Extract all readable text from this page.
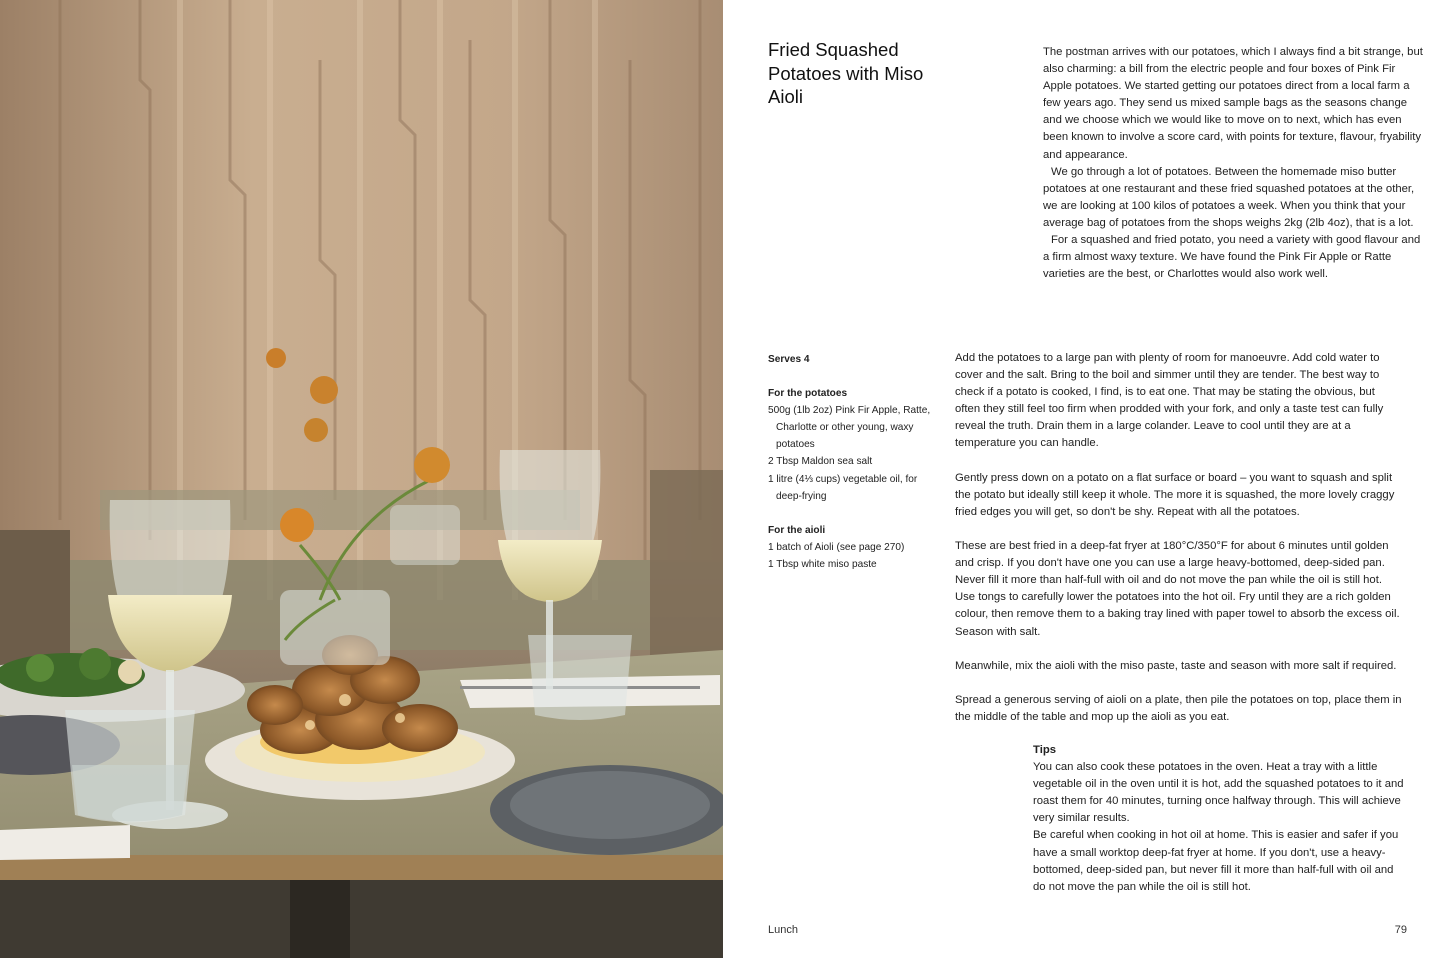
Fried Squashed Potatoes with Miso Aioli

The postman arrives with our potatoes, which I always find a bit strange, but also charming: a bill from the electric people and four boxes of Pink Fir Apple potatoes. We started getting our potatoes direct from a local farm a few years ago. They send us mixed sample bags as the seasons change and we choose which we would like to move on to next, which has even been known to involve a score card, with points for texture, flavour, fryability and appearance.

We go through a lot of potatoes. Between the homemade miso butter potatoes at one restaurant and these fried squashed potatoes at the other, we are looking at 100 kilos of potatoes a week. When you think that your average bag of potatoes from the shops weighs 2kg (2lb 4oz), that is a lot.

For a squashed and fried potato, you need a variety with good flavour and a firm almost waxy texture. We have found the Pink Fir Apple or Ratte varieties are the best, or Charlottes would also work well.

Serves 4
For the potatoes
500g (1lb 2oz) Pink Fir Apple, Ratte, Charlotte or other young, waxy potatoes
2 Tbsp Maldon sea salt
1 litre (4⅓ cups) vegetable oil, for deep-frying
For the aioli
1 batch of Aioli (see page 270)
1 Tbsp white miso paste

Add the potatoes to a large pan with plenty of room for manoeuvre. Add cold water to cover and the salt. Bring to the boil and simmer until they are tender. The best way to check if a potato is cooked, I find, is to eat one. That may be stating the obvious, but often they still feel too firm when prodded with your fork, and only a taste test can fully reveal the truth. Drain them in a large colander. Leave to cool until they are at a temperature you can handle.

Gently press down on a potato on a flat surface or board – you want to squash and split the potato but ideally still keep it whole. The more it is squashed, the more lovely craggy fried edges you will get, so don't be shy. Repeat with all the potatoes.

These are best fried in a deep-fat fryer at 180°C/350°F for about 6 minutes until golden and crisp. If you don't have one you can use a large heavy-bottomed, deep-sided pan. Never fill it more than half-full with oil and do not move the pan while the oil is still hot. Use tongs to carefully lower the potatoes into the hot oil. Fry until they are a rich golden colour, then remove them to a baking tray lined with paper towel to absorb the excess oil. Season with salt.

Meanwhile, mix the aioli with the miso paste, taste and season with more salt if required.

Spread a generous serving of aioli on a plate, then pile the potatoes on top, place them in the middle of the table and mop up the aioli as you eat.

Tips

You can also cook these potatoes in the oven. Heat a tray with a little vegetable oil in the oven until it is hot, add the squashed potatoes to it and roast them for 40 minutes, turning once halfway through. This will achieve very similar results.

Be careful when cooking in hot oil at home. This is easier and safer if you have a small worktop deep-fat fryer at home. If you don't, use a heavy-bottomed, deep-sided pan, but never fill it more than half-full with oil and do not move the pan while the oil is still hot.

Lunch	79
